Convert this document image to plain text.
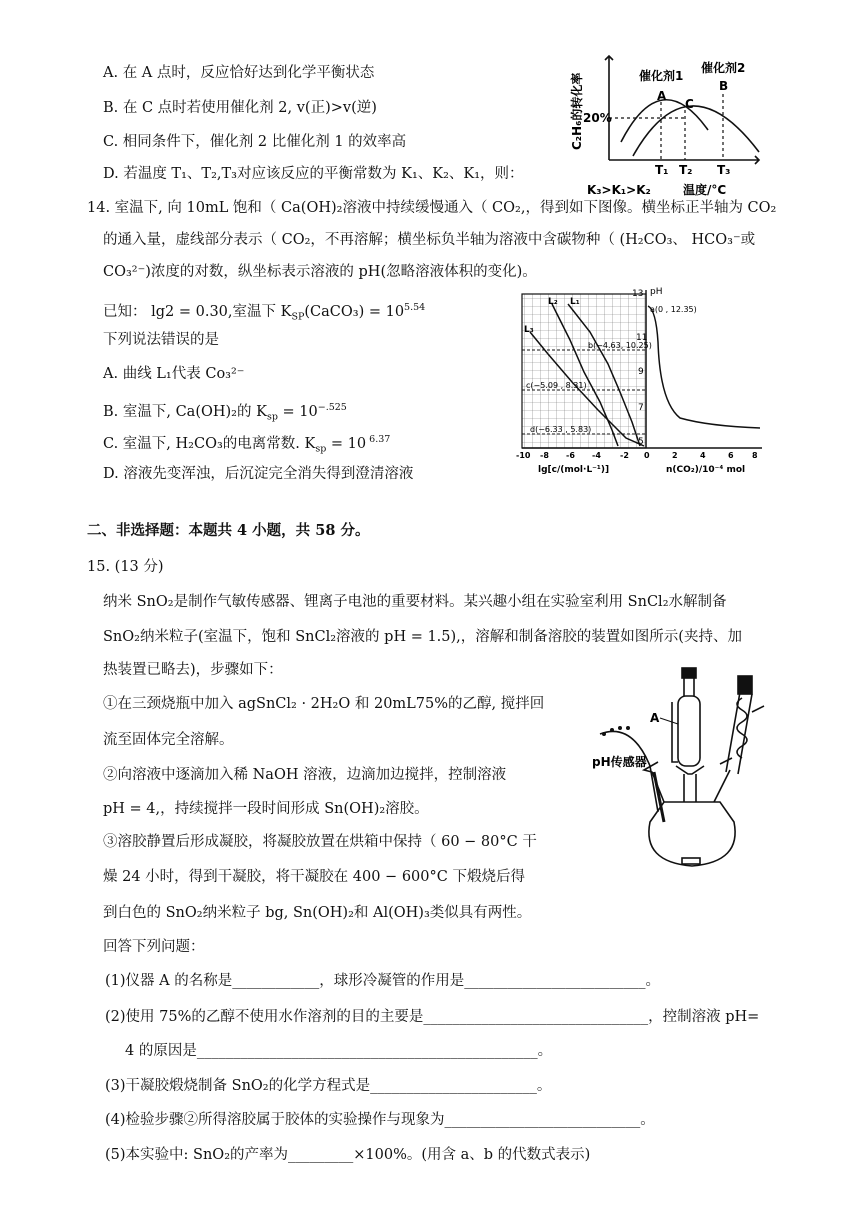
A. 在 A 点时，反应恰好达到化学平衡状态
B. 在 C 点时若使用催化剂 2, v(正)>v(逆)
C. 相同条件下，催化剂 2 比催化剂 1 的效率高
D. 若温度 T₁、T₂,T₃对应该反应的平衡常数为 K₁、K₂、K₁，则：
C₂H₆的转化率	催化剂1
催化剂2
20%
A
C
B
T₁ T₂ T₃
K₃>K₁>K₂	温度/°C
14. 室温下, 向 10mL 饱和（ Ca(OH)₂溶液中持续缓慢通入（ CO₂,，得到如下图像。横坐标正半轴为 CO₂
的通入量，虚线部分表示（ CO₂，不再溶解；横坐标负半轴为溶液中含碳物种（ (H₂CO₃、 HCO₃⁻或
CO₃²⁻)浓度的对数，纵坐标表示溶液的 pH(忽略溶液体积的变化)。
已知： lg2 = 0.30,室温下 $K_{SP}(CaCO_3) = 10^{5.54}$
下列说法错误的是
A. 曲线 L₁代表 Co₃²⁻
B. 室温下, Ca(OH)₂的 $K_{sp} = 10^{-.525}$
C. 室温下, H₂CO₃的电离常数. $K_{sp} = 10$ $^{6.37}$
D. 溶液先变浑浊，后沉淀完全消失得到澄清溶液
pH
13
11
9
7
5
L₂ L₁
L₃
a(0 , 12.35)
b(−4.63, 10.25)
c(−5.09 , 8.31)
d(−6.33 , 5.83)
-10 -8 -6 -4 -2 0	2	4	6 8
lg[c/(mol·L⁻¹)]	n(CO₂)/10⁻⁴ mol
二、非选择题：本题共 4 小题，共 58 分。
15. (13 分)
纳米 SnO₂是制作气敏传感器、锂离子电池的重要材料。某兴趣小组在实验室利用 SnCl₂水解制备
SnO₂纳米粒子(室温下，饱和 SnCl₂溶液的 pH = 1.5),，溶解和制备溶胶的装置如图所示(夹持、加
热装置已略去)，步骤如下：
①在三颈烧瓶中加入 agSnCl₂ · 2H₂O 和 20mL75%的乙醇, 搅拌回
流至固体完全溶解。
②向溶液中逐滴加入稀 NaOH 溶液，边滴加边搅拌，控制溶液
pH = 4,，持续搅拌一段时间形成 Sn(OH)₂溶胶。
③溶胶静置后形成凝胶，将凝胶放置在烘箱中保持（ 60 − 80°C 干
燥 24 小时，得到干凝胶，将干凝胶在 400 − 600°C 下煅烧后得
到白色的 SnO₂纳米粒子 bg, Sn(OH)₂和 Al(OH)₃类似具有两性。
回答下列问题：
(1)仪器 A 的名称是____________，球形冷凝管的作用是_________________________。
(2)使用 75%的乙醇不使用水作溶剂的目的主要是_______________________________，控制溶液 pH=
4 的原因是_______________________________________________。
(3)干凝胶煅烧制备 SnO₂的化学方程式是_______________________。
(4)检验步骤②所得溶胶属于胶体的实验操作与现象为___________________________。
(5)本实验中: SnO₂的产率为_________×100%。(用含 a、b 的代数式表示)
A
pH传感器
